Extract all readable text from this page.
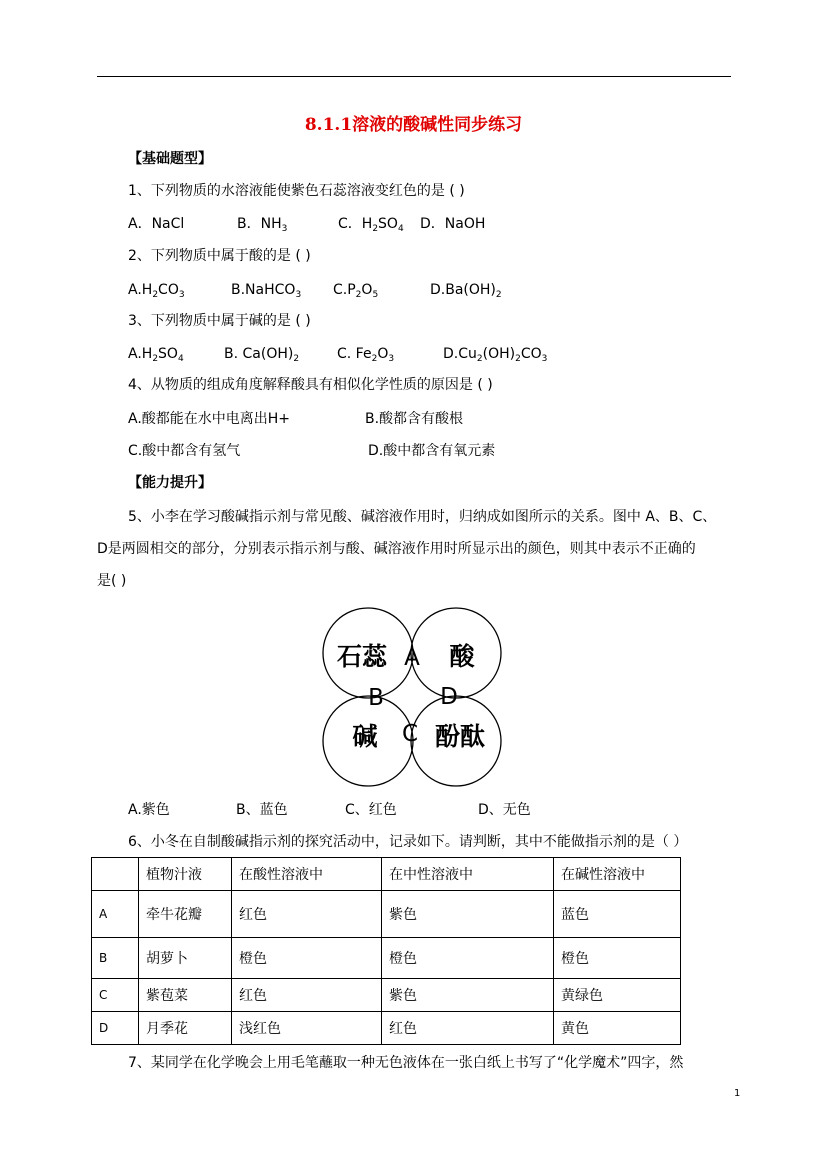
8.1.1溶液的酸碱性同步练习
【基础题型】
1、下列物质的水溶液能使紫色石蕊溶液变红色的是 ( )
A．NaCl	B．$NH_3$	C．$H_2SO_4$ D．NaOH
2、下列物质中属于酸的是 ( )
$A.H_2CO_3$	B.NaHCO$_3$ $C.P_2O_5$	$D.Ba(OH)_2$
3、下列物质中属于碱的是 ( )
$A.H_2SO_4$	B. $Ca(OH)_2$	C. $Fe_2O_3$	$D.Cu_2(OH)_2CO_3$
4、从物质的组成角度解释酸具有相似化学性质的原因是 ( )
A.酸都能在水中电离出H+	B.酸都含有酸根
C.酸中都含有氢气	D.酸中都含有氧元素
【能力提升】
5、小李在学习酸碱指示剂与常见酸、碱溶液作用时，归纳成如图所示的关系。图中 A、B、C、
D是两圆相交的部分，分别表示指示剂与酸、碱溶液作用时所显示出的颜色，则其中表示不正确的
是( )
石蕊 酸
碱 酚酞
A
B
C
D
A.紫色	B、蓝色	C、红色	D、无色
6、小冬在自制酸碱指示剂的探究活动中，记录如下。请判断，其中不能做指示剂的是（ ）
	植物汁液	在酸性溶液中	在中性溶液中	在碱性溶液中
A	牵牛花瓣	红色	紫色	蓝色
B	胡萝卜	橙色	橙色	橙色
C	紫苞菜	红色	紫色	黄绿色
D	月季花	浅红色	红色	黄色
7、某同学在化学晚会上用毛笔蘸取一种无色液体在一张白纸上书写了“化学魔术”四字，然
1
